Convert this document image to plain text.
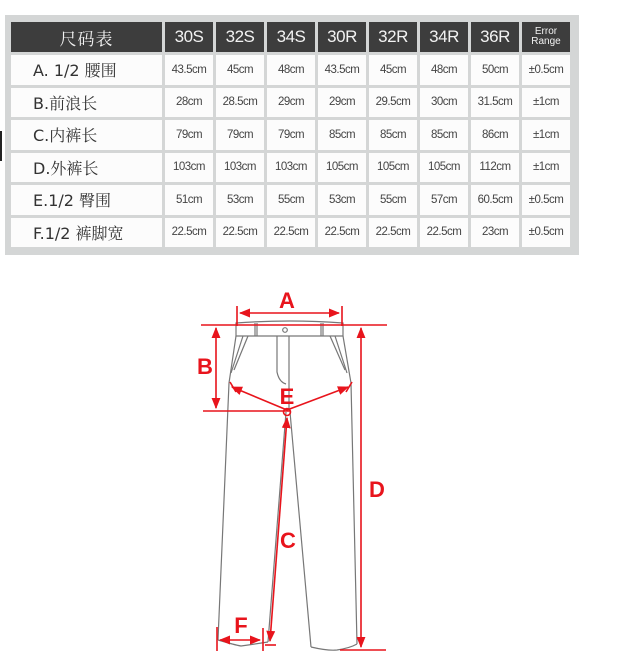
尺码表	30S	32S	34S	30R	32R	34R	36R	Error
Range
A. 1/2 腰围	43.5cm	45cm	48cm	43.5cm	45cm	48cm	50cm	±0.5cm
B.前浪长	28cm	28.5cm	29cm	29cm	29.5cm	30cm	31.5cm	±1cm
C.内裤长	79cm	79cm	79cm	85cm	85cm	85cm	86cm	±1cm
D.外裤长	103cm	103cm	103cm	105cm	105cm	105cm	112cm	±1cm
E.1/2 臀围	51cm	53cm	55cm	53cm	55cm	57cm	60.5cm	±0.5cm
F.1/2 裤脚宽	22.5cm	22.5cm	22.5cm	22.5cm	22.5cm	22.5cm	23cm	±0.5cm
A
B
E
D
C
F
